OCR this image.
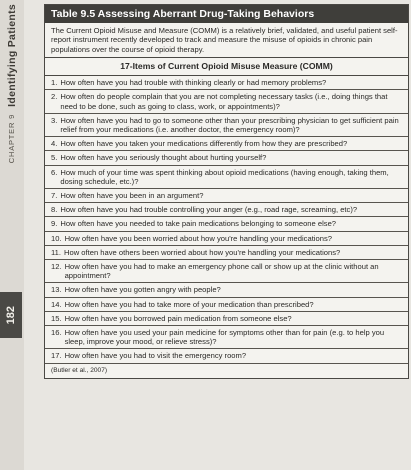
CHAPTER 9 Identifying Patients
182
Table 9.5 Assessing Aberrant Drug-Taking Behaviors
The Current Opioid Misuse and Measure (COMM) is a relatively brief, validated, and useful patient self-report instrument recently developed to track and measure the misuse of opioids in chronic pain populations over the course of opioid therapy.
17-Items of Current Opioid Misuse Measure (COMM)
1. How often have you had trouble with thinking clearly or had memory problems?
2. How often do people complain that you are not completing necessary tasks (i.e., doing things that need to be done, such as going to class, work, or appointments)?
3. How often have you had to go to someone other than your prescribing physician to get sufficient pain relief from your medications (i.e. another doctor, the emergency room)?
4. How often have you taken your medications differently from how they are prescribed?
5. How often have you seriously thought about hurting yourself?
6. How much of your time was spent thinking about opioid medications (having enough, taking them, dosing schedule, etc.)?
7. How often have you been in an argument?
8. How often have you had trouble controlling your anger (e.g., road rage, screaming, etc)?
9. How often have you needed to take pain medications belonging to someone else?
10. How often have you been worried about how you're handling your medications?
11. How often have others been worried about how you're handling your medications?
12. How often have you had to make an emergency phone call or show up at the clinic without an appointment?
13. How often have you gotten angry with people?
14. How often have you had to take more of your medication than prescribed?
15. How often have you borrowed pain medication from someone else?
16. How often have you used your pain medicine for symptoms other than for pain (e.g. to help you sleep, improve your mood, or relieve stress)?
17. How often have you had to visit the emergency room?
(Butler et al., 2007)
